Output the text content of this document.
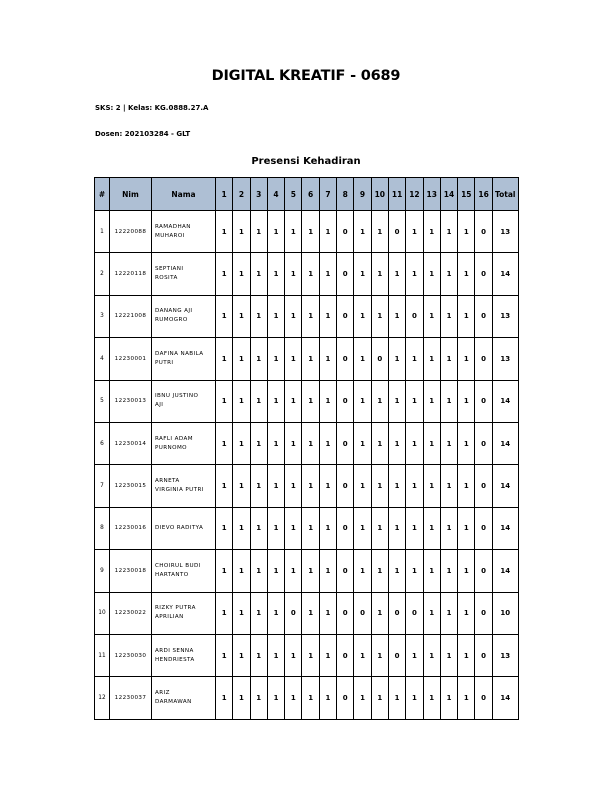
DIGITAL KREATIF - 0689
SKS: 2 | Kelas: KG.0888.27.A
Dosen: 202103284 - GLT
Presensi Kehadiran
#	Nim	Nama	1	2	3	4	5	6	7	8	9	10	11	12	13	14	15	16	Total
1	12220088	RAMADHAN
MUHAROI	1	1	1	1	1	1	1	0	1	1	0	1	1	1	1	0	13
2	12220118	SEPTIANI
ROSITA	1	1	1	1	1	1	1	0	1	1	1	1	1	1	1	0	14
3	12221008	DANANG AJI
RUMOGRO	1	1	1	1	1	1	1	0	1	1	1	0	1	1	1	0	13
4	12230001	DAFINA NABILA
PUTRI	1	1	1	1	1	1	1	0	1	0	1	1	1	1	1	0	13
5	12230013	IBNU JUSTINO
AJI	1	1	1	1	1	1	1	0	1	1	1	1	1	1	1	0	14
6	12230014	RAFLI ADAM
PURNOMO	1	1	1	1	1	1	1	0	1	1	1	1	1	1	1	0	14
7	12230015	ARNETA
VIRGINIA PUTRI	1	1	1	1	1	1	1	0	1	1	1	1	1	1	1	0	14
8	12230016	DIEVO RADITYA	1	1	1	1	1	1	1	0	1	1	1	1	1	1	1	0	14
9	12230018	CHOIRUL BUDI
HARTANTO	1	1	1	1	1	1	1	0	1	1	1	1	1	1	1	0	14
10	12230022	RIZKY PUTRA
APRILIAN	1	1	1	1	0	1	1	0	0	1	0	0	1	1	1	0	10
11	12230030	ARDI SENNA
HENDRIESTA	1	1	1	1	1	1	1	0	1	1	0	1	1	1	1	0	13
12	12230037	ARIZ
DARMAWAN	1	1	1	1	1	1	1	0	1	1	1	1	1	1	1	0	14
